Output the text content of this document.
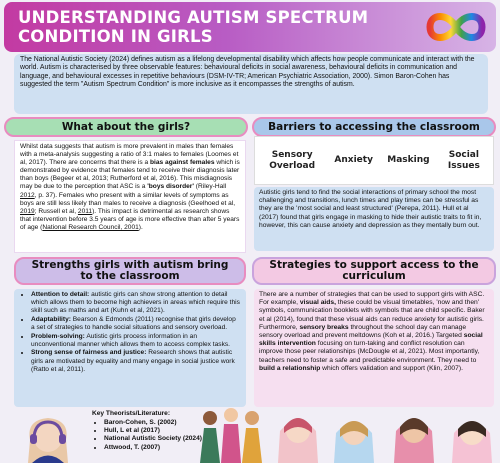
UNDERSTANDING AUTISM SPECTRUM CONDITION IN GIRLS
The National Autistic Society (2024) defines autism as a lifelong developmental disability which affects how people communicate and interact with the world. Autism is characterised by three observable features: behavioural deficits in social awareness, behavioural deficits in communication and language, and behavioural excesses in repetitive behaviours (DSM-IV-TR; American Psychiatric Association, 2000). Simon Baron-Cohen has suggested the term "Autism Spectrum Condition" is more inclusive as it encompasses the strengths of autism.
What about the girls?
Whilst data suggests that autism is more prevalent in males than females with a meta-analysis suggesting a ratio of 3:1 males to females (Loomes et al, 2017). There are concerns that there is a bias against females which is demonstrated by evidence that females tend to receive their diagnosis later than boys (Begeer et al, 2013; Rutherford et al, 2016). This misdiagnosis may be due to the perception that ASC is a 'boys disorder' (Riley-Hall 2012, p. 37). Females who present with a similar levels of symptoms as boys are still less likely than males to receive a diagnosis (Geelhoed et al, 2019; Russell et al, 2011). This impact is detrimental as research shows that intervention before 3.5 years of age is more effective than after 5 years of age (National Research Council, 2001).
Barriers to accessing the classroom
Sensory Overload
Anxiety Masking
Social Issues
Autistic girls tend to find the social interactions of primary school the most challenging and transitions, lunch times and play times can be stressful as they are the 'most social and least structured' (Perepa, 2011). Hull et al (2017) found that girls engage in masking to hide their autistic traits to fit in, however, this can cause anxiety and depression as they mentally burn out.
Strengths girls with autism bring to the classroom
• Attention to detail: autistic girls can show strong attention to detail which allows them to become high achievers in areas which require this skill such as maths and art (Kuhn et al, 2021).
• Adaptability: Bearson & Edmonds (2011) recognise that girls develop a set of strategies to handle social situations and sensory overload.
• Problem-solving: Autistic girls process information in an unconventional manner which allows them to access complex tasks.
• Strong sense of fairness and justice: Research shows that autistic girls are motivated by equality and many engage in social justice work (Ratto et al, 2011).
Strategies to support access to the curriculum
There are a number of strategies that can be used to support girls with ASC. For example, visual aids, these could be visual timetables, 'now and then' symbols, communication booklets with symbols that are child specific. Baker et al (2014), found that these visual aids can reduce anxiety for autistic girls. Furthermore, sensory breaks throughout the school day can manage sensory overload and prevent meltdowns (Koh et al, 2016.) Targeted social skills intervention focusing on turn-taking and conflict resolution can improve those peer relationships (McDougle et al, 2021). Most importantly, teachers need to foster a safe and predictable environment. They need to build a relationship which offers validation and support (Klin, 2007).
Key Theorists/Literature:
• Baron-Cohen, S. (2002)
• Hull, L et al (2017)
• National Autistic Society (2024)
• Attwood, T. (2007)
